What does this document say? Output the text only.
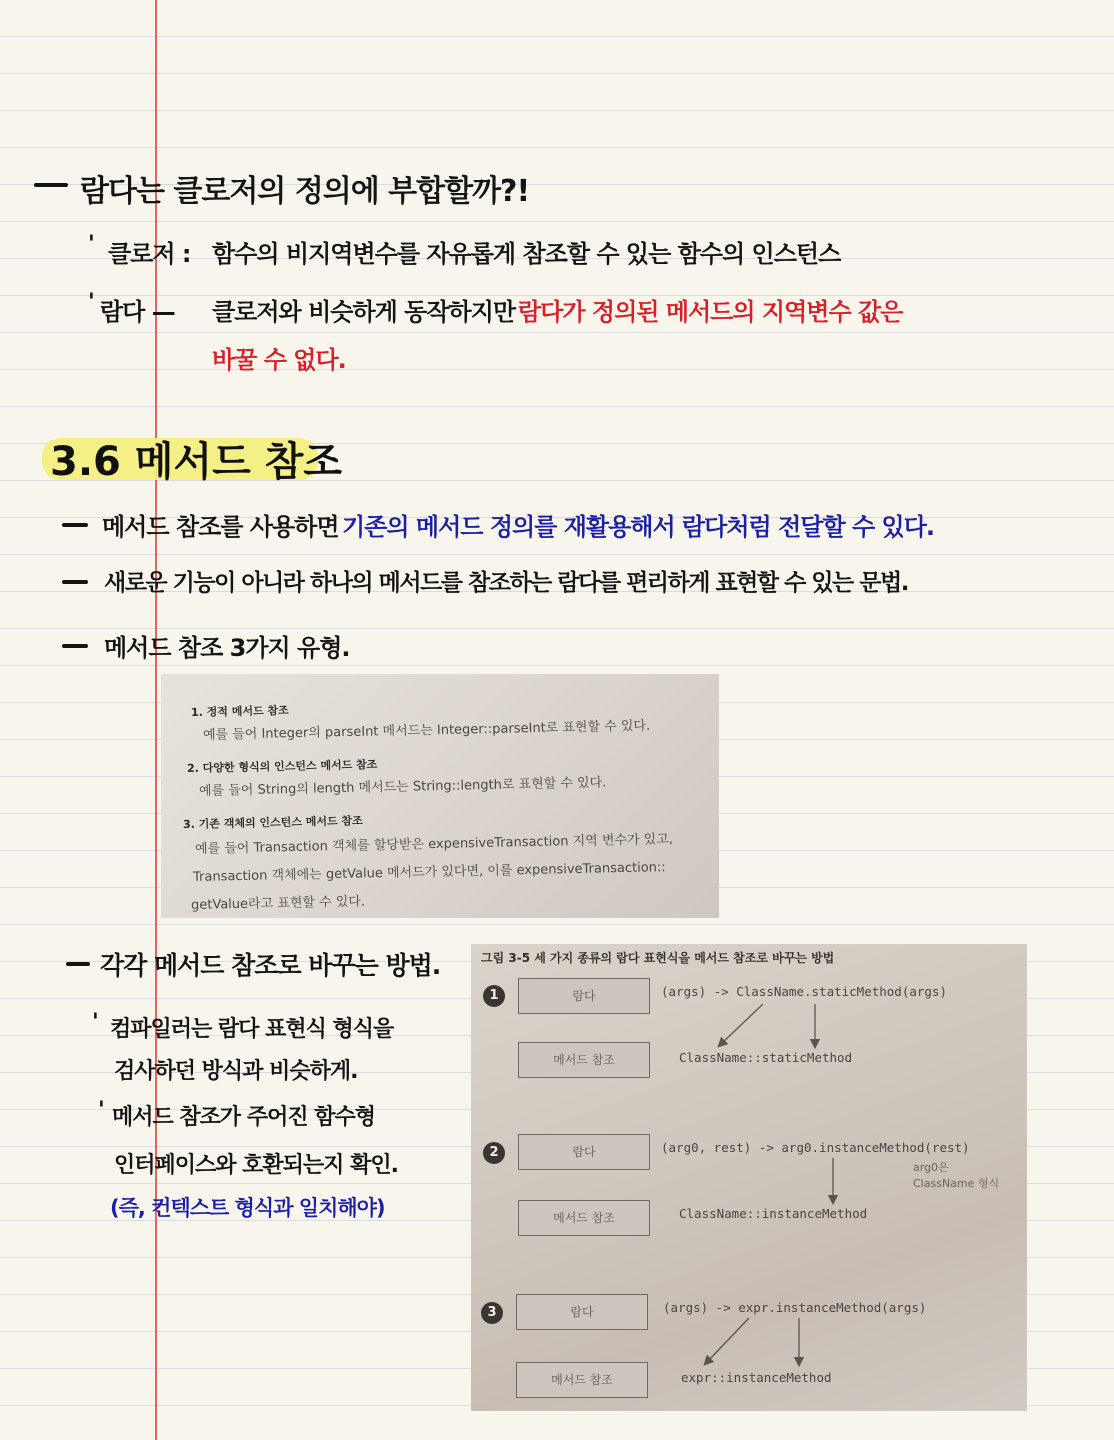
람다는 클로저의 정의에 부합할까?!
' 클로저 : 함수의 비지역변수를 자유롭게 참조할 수 있는 함수의 인스턴스
' 람다 — 클로저와 비슷하게 동작하지만 람다가 정의된 메서드의 지역변수 값은
바꿀 수 없다.
3.6 메서드 참조
메서드 참조를 사용하면 기존의 메서드 정의를 재활용해서 람다처럼 전달할 수 있다.
새로운 기능이 아니라 하나의 메서드를 참조하는 람다를 편리하게 표현할 수 있는 문법.
메서드 참조 3가지 유형.
1. 정적 메서드 참조
예를 들어 Integer의 parseInt 메서드는 Integer::parseInt로 표현할 수 있다.
2. 다양한 형식의 인스턴스 메서드 참조
예를 들어 String의 length 메서드는 String::length로 표현할 수 있다.
3. 기존 객체의 인스턴스 메서드 참조
예를 들어 Transaction 객체를 할당받은 expensiveTransaction 지역 변수가 있고,
Transaction 객체에는 getValue 메서드가 있다면, 이를 expensiveTransaction::
getValue라고 표현할 수 있다.
각각 메서드 참조로 바꾸는 방법.
' 컴파일러는 람다 표현식 형식을
검사하던 방식과 비슷하게.
' 메서드 참조가 주어진 함수형
인터페이스와 호환되는지 확인.
(즉, 컨텍스트 형식과 일치해야)
그림 3-5 세 가지 종류의 람다 표현식을 메서드 참조로 바꾸는 방법
1	람다	(args) -> ClassName.staticMethod(args)
메서드 참조	ClassName::staticMethod
2	람다	(arg0, rest) -> arg0.instanceMethod(rest)
arg0은
ClassName 형식
메서드 참조	ClassName::instanceMethod
3	람다	(args) -> expr.instanceMethod(args)
메서드 참조	expr::instanceMethod
